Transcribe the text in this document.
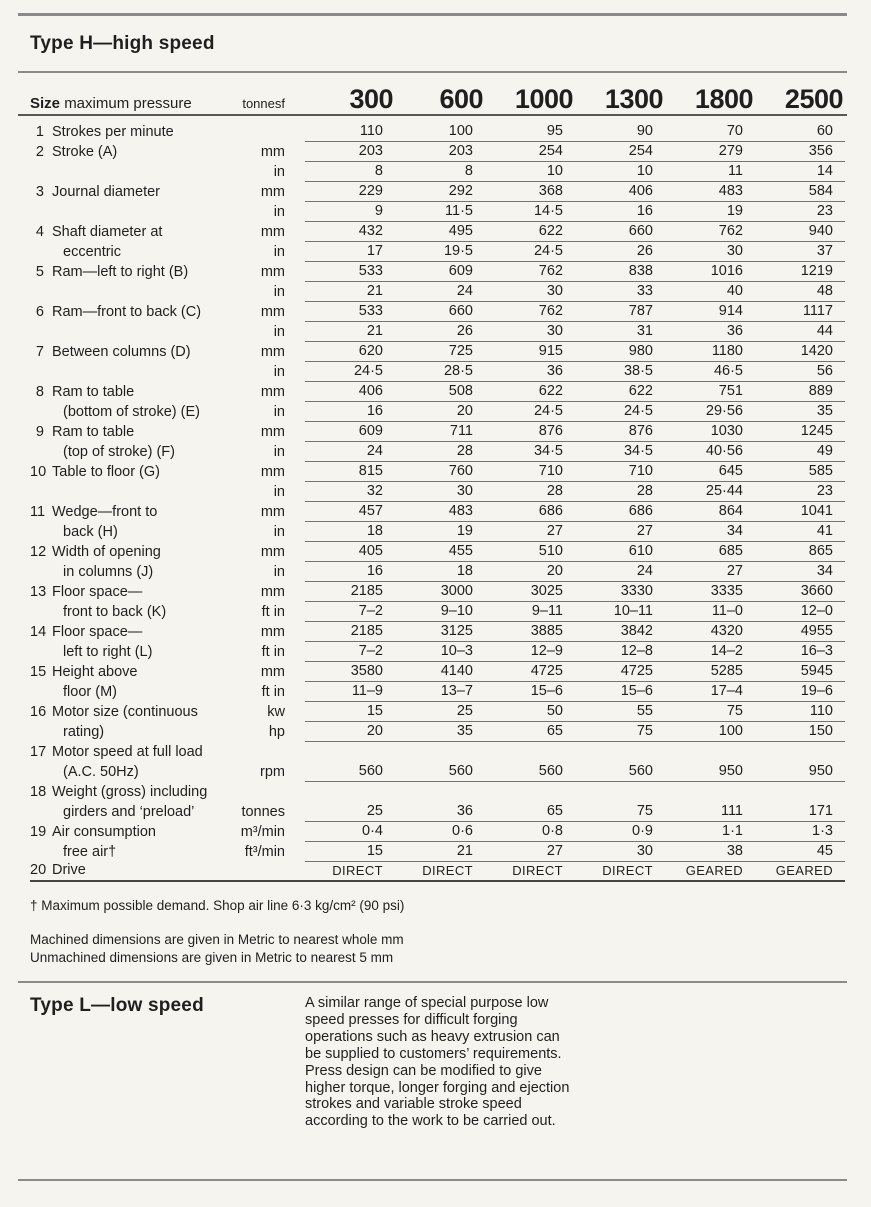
Type H—high speed
Size maximum pressure	tonnesf	300	600	1000	1300	1800	2500
1 Strokes per minute	110	100	95	90	70	60
2 Stroke (A)	mm	203	203	254	254	279	356
in	8	8	10	10	11	14
3 Journal diameter	mm	229	292	368	406	483	584
in	9	11·5	14·5	16	19	23
4 Shaft diameter at	mm	432	495	622	660	762	940
eccentric	in	17	19·5	24·5	26	30	37
5 Ram—left to right (B)	mm	533	609	762	838	1016	1219
in	21	24	30	33	40	48
6 Ram—front to back (C)	mm	533	660	762	787	914	1117
in	21	26	30	31	36	44
7 Between columns (D)	mm	620	725	915	980	1180	1420
in	24·5	28·5	36	38·5	46·5	56
8 Ram to table	mm	406	508	622	622	751	889
(bottom of stroke) (E)	in	16	20	24·5	24·5	29·56	35
9 Ram to table	mm	609	711	876	876	1030	1245
(top of stroke) (F)	in	24	28	34·5	34·5	40·56	49
10 Table to floor (G)	mm	815	760	710	710	645	585
in	32	30	28	28	25·44	23
11 Wedge—front to	mm	457	483	686	686	864	1041
back (H)	in	18	19	27	27	34	41
12 Width of opening	mm	405	455	510	610	685	865
in columns (J)	in	16	18	20	24	27	34
13 Floor space—	mm	2185	3000	3025	3330	3335	3660
front to back (K)	ft in	7–2	9–10	9–11	10–11	11–0	12–0
14 Floor space—	mm	2185	3125	3885	3842	4320	4955
left to right (L)	ft in	7–2	10–3	12–9	12–8	14–2	16–3
15 Height above	mm	3580	4140	4725	4725	5285	5945
floor (M)	ft in	11–9	13–7	15–6	15–6	17–4	19–6
16 Motor size (continuous	kw	15	25	50	55	75	110
rating)	hp	20	35	65	75	100	150
17 Motor speed at full load
(A.C. 50Hz)	rpm	560	560	560	560	950	950
18 Weight (gross) including
girders and ‘preload’	tonnes	25	36	65	75	111	171
19 Air consumption	m³/min	0·4	0·6	0·8	0·9	1·1	1·3
free air†	ft³/min	15	21	27	30	38	45
20 Drive	DIRECT	DIRECT	DIRECT	DIRECT	GEARED	GEARED

† Maximum possible demand. Shop air line 6·3 kg/cm² (90 psi)

Machined dimensions are given in Metric to nearest whole mm

Unmachined dimensions are given in Metric to nearest 5 mm

Type L—low speed	A similar range of special purpose low speed presses for difficult forging operations such as heavy extrusion can be supplied to customers’ requirements. Press design can be modified to give higher torque, longer forging and ejection strokes and variable stroke speed according to the work to be carried out.
